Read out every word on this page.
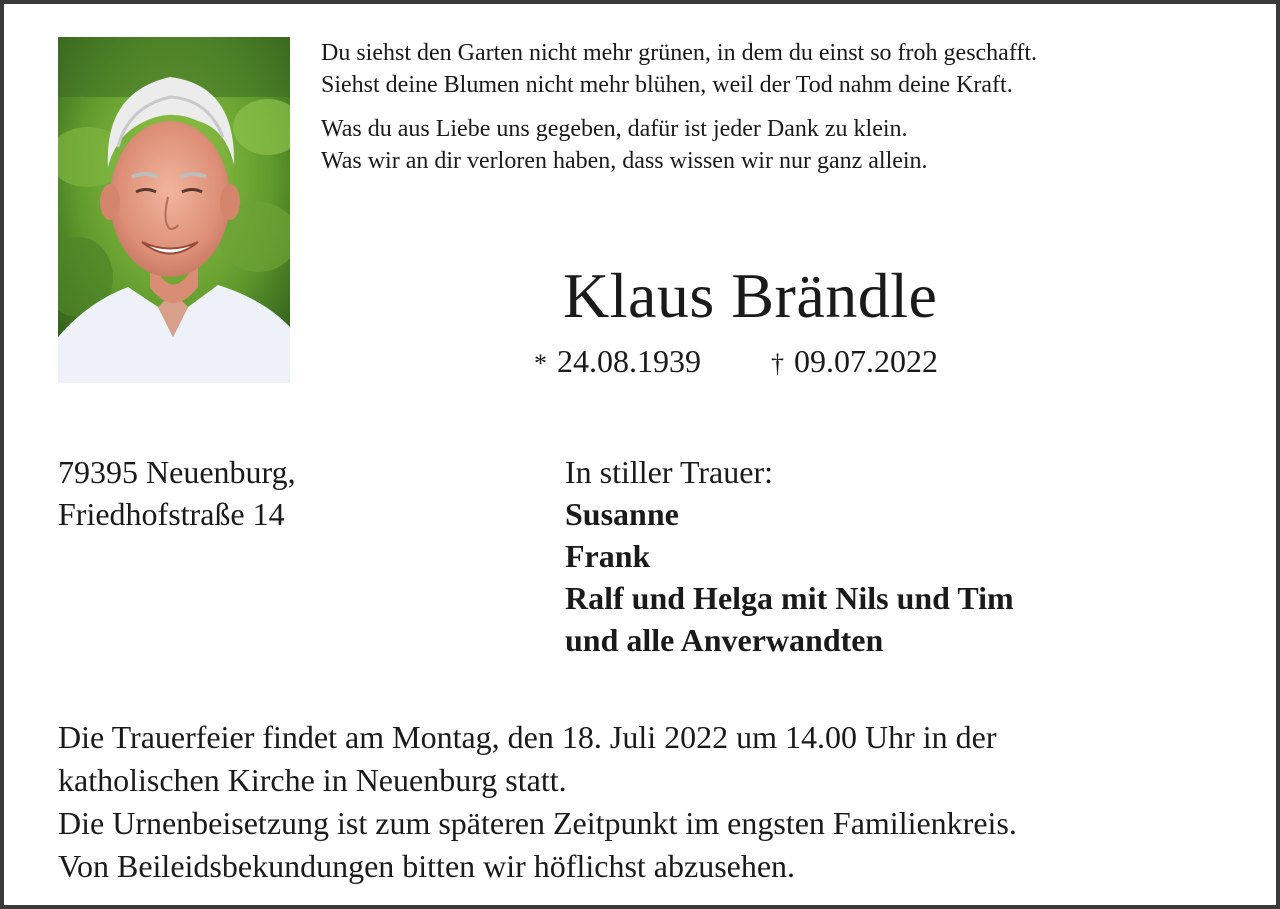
Du siehst den Garten nicht mehr grünen, in dem du einst so froh geschafft.
Siehst deine Blumen nicht mehr blühen, weil der Tod nahm deine Kraft.
Was du aus Liebe uns gegeben, dafür ist jeder Dank zu klein.
Was wir an dir verloren haben, dass wissen wir nur ganz allein.
Klaus Brändle
* 24.08.1939	† 09.07.2022
79395 Neuenburg,
Friedhofstraße 14
In stiller Trauer:
Susanne
Frank
Ralf und Helga mit Nils und Tim
und alle Anverwandten
Die Trauerfeier findet am Montag, den 18. Juli 2022 um 14.00 Uhr in der
katholischen Kirche in Neuenburg statt.
Die Urnenbeisetzung ist zum späteren Zeitpunkt im engsten Familienkreis.
Von Beileidsbekundungen bitten wir höflichst abzusehen.
